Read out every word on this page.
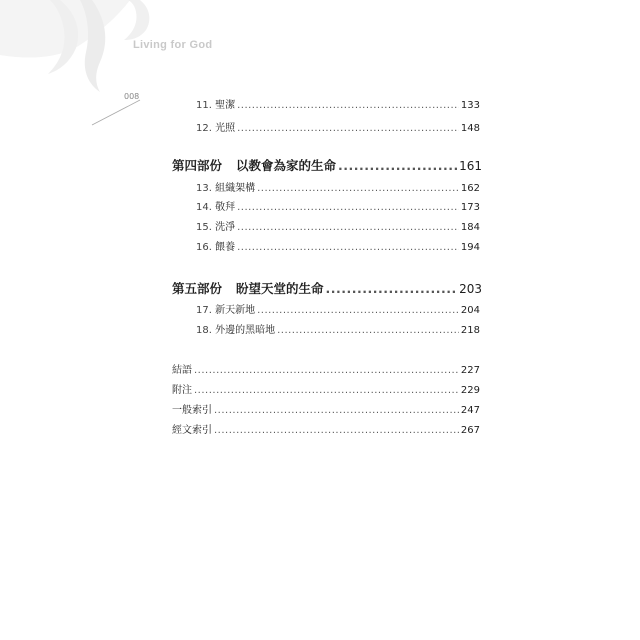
Living for God
008
11. 聖潔 .....	133
12. 光照 .....	148
第四部份 以教會為家的生命 .....	161
13. 組織架構 .....	162
14. 敬拜 .....	173
15. 洗淨 .....	184
16. 餵養 .....	194
第五部份 盼望天堂的生命 .....	203
17. 新天新地 .....	204
18. 外邊的黑暗地 .....	218
結語 .....	227
附注 .....	229
一般索引 .....	247
經文索引 .....	267
